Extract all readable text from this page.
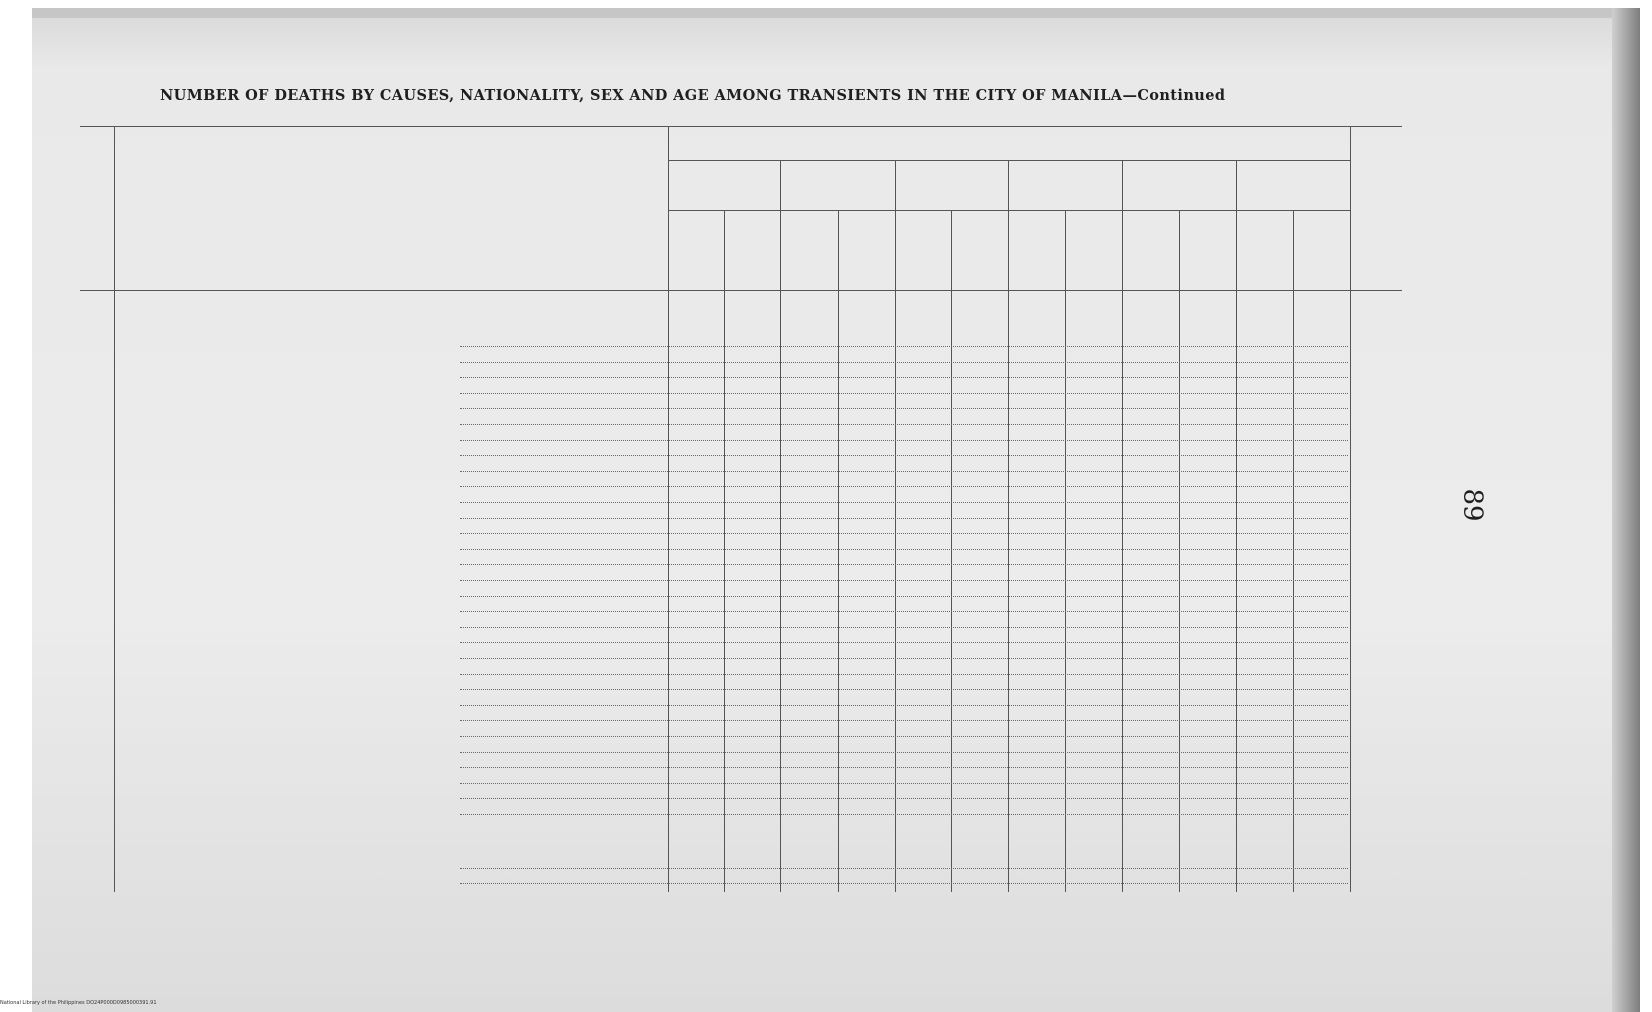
NUMBER OF DEATHS BY CAUSES, NATIONALITY, SEX AND AGE AMONG TRANSIENTS IN THE CITY OF MANILA—Continued
89
National Library of the Philippines DO24P000D0985000391.91
